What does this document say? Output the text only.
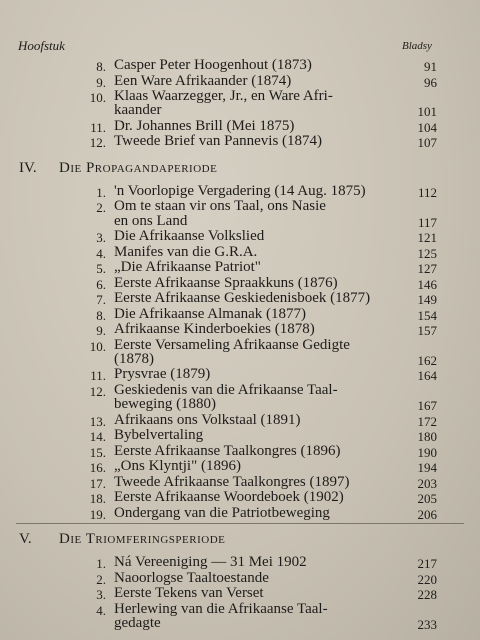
Hoofstuk	Bladsy
8. Casper Peter Hoogenhout (1873)	91
9. Een Ware Afrikaander (1874)	96
10. Klaas Waarzegger, Jr., en Ware Afri-
kaander	101
11. Dr. Johannes Brill (Mei 1875)	104
12. Tweede Brief van Pannevis (1874)	107
IV. Die Propagandaperiode
1. 'n Voorlopige Vergadering (14 Aug. 1875)	112
2. Om te staan vir ons Taal, ons Nasie
en ons Land	117
3. Die Afrikaanse Volkslied	121
4. Manifes van die G.R.A.	125
5. „Die Afrikaanse Patriot"	127
6. Eerste Afrikaanse Spraakkuns (1876)	146
7. Eerste Afrikaanse Geskiedenisboek (1877)	149
8. Die Afrikaanse Almanak (1877)	154
9. Afrikaanse Kinderboekies (1878)	157
10. Eerste Versameling Afrikaanse Gedigte
(1878)	162
11. Prysvrae (1879)	164
12. Geskiedenis van die Afrikaanse Taal-
beweging (1880)	167
13. Afrikaans ons Volkstaal (1891)	172
14. Bybelvertaling	180
15. Eerste Afrikaanse Taalkongres (1896)	190
16. „Ons Klyntji" (1896)	194
17. Tweede Afrikaanse Taalkongres (1897)	203
18. Eerste Afrikaanse Woordeboek (1902)	205
19. Ondergang van die Patriotbeweging	206
V. Die Triomferingsperiode
1. Ná Vereeniging — 31 Mei 1902	217
2. Naoorlogse Taaltoestande	220
3. Eerste Tekens van Verset	228
4. Herlewing van die Afrikaanse Taal-
gedagte	233
